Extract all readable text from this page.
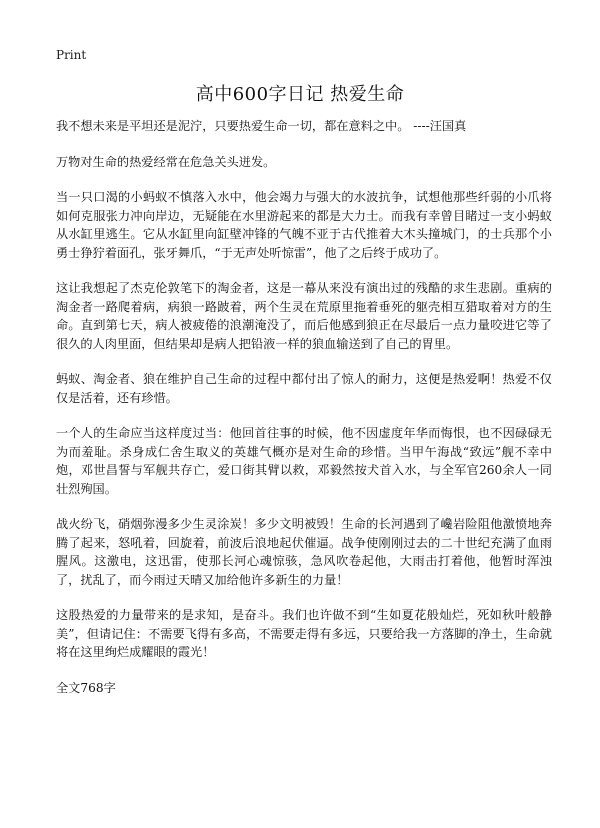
Print
高中600字日记 热爱生命

我不想未来是平坦还是泥泞，只要热爱生命一切，都在意料之中。 ----汪国真

万物对生命的热爱经常在危急关头迸发。

当一只口渴的小蚂蚁不慎落入水中，他会竭力与强大的水波抗争，试想他那些纤弱的小爪将如何克服张力冲向岸边，无疑能在水里游起来的都是大力士。而我有幸曾目睹过一支小蚂蚁从水缸里逃生。它从水缸里向缸壁冲锋的气魄不亚于古代推着大木头撞城门，的士兵那个小勇士狰狞着面孔，张牙舞爪，“于无声处听惊雷”，他了之后终于成功了。

这让我想起了杰克伦敦笔下的淘金者，这是一幕从来没有演出过的残酷的求生悲剧。重病的淘金者一路爬着病，病狼一路跛着，两个生灵在荒原里拖着垂死的躯壳相互猎取着对方的生命。直到第七天，病人被疲倦的浪潮淹没了，而后他感到狼正在尽最后一点力量咬进它等了很久的人肉里面，但结果却是病人把铅液一样的狼血输送到了自己的胃里。

蚂蚁、淘金者、狼在维护自己生命的过程中都付出了惊人的耐力，这便是热爱啊！热爱不仅仅是活着，还有珍惜。

一个人的生命应当这样度过当：他回首往事的时候，他不因虚度年华而悔恨，也不因碌碌无为而羞耻。杀身成仁舍生取义的英雄气概亦是对生命的珍惜。当甲午海战“致远”舰不幸中炮，邓世昌誓与军舰共存亡，爱口街其臂以救，邓毅然按犬首入水，与全军官260余人一同壮烈殉国。

战火纷飞，硝烟弥漫多少生灵涂炭！多少文明被毁！生命的长河遇到了巉岩险阻他激愤地奔腾了起来，怒吼着，回旋着，前波后浪地起伏催逼。战争使刚刚过去的二十世纪充满了血雨腥风。这激电，这迅雷，使那长河心魂惊骇，急风吹卷起他，大雨击打着他，他暂时浑浊了，扰乱了，而今雨过天晴又加给他许多新生的力量！

这股热爱的力量带来的是求知，是奋斗。我们也许做不到“生如夏花般灿烂，死如秋叶般静美”，但请记住：不需要飞得有多高，不需要走得有多远，只要给我一方落脚的净土，生命就将在这里绚烂成耀眼的霞光！

全文768字
